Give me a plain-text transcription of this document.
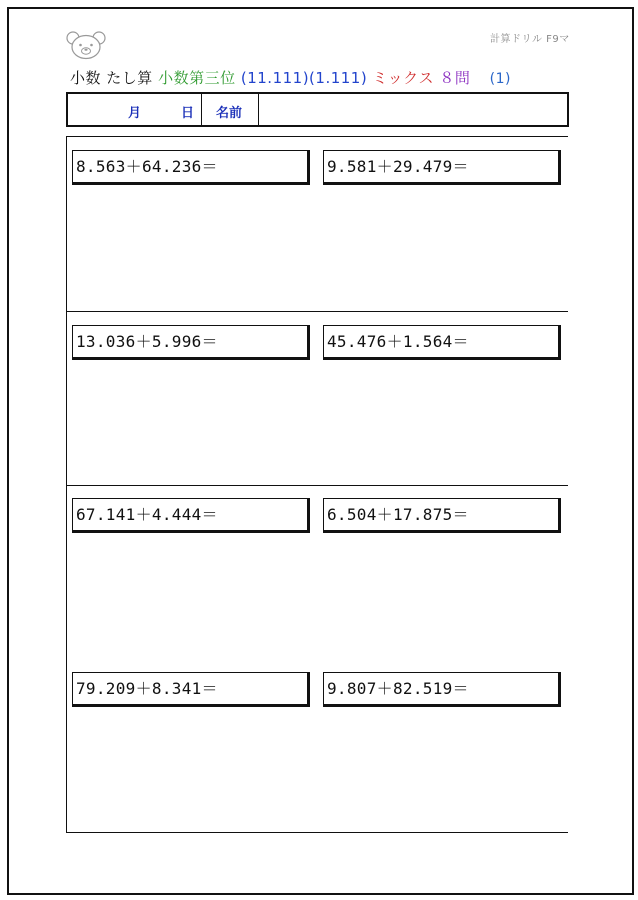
計算ドリル F9マ
小数 たし算 小数第三位 (11.111)(1.111) ミックス ８問 (1)
月	日 名前
8.563＋64.236＝	9.581＋29.479＝
13.036＋5.996＝	45.476＋1.564＝
67.141＋4.444＝	6.504＋17.875＝
79.209＋8.341＝	9.807＋82.519＝
